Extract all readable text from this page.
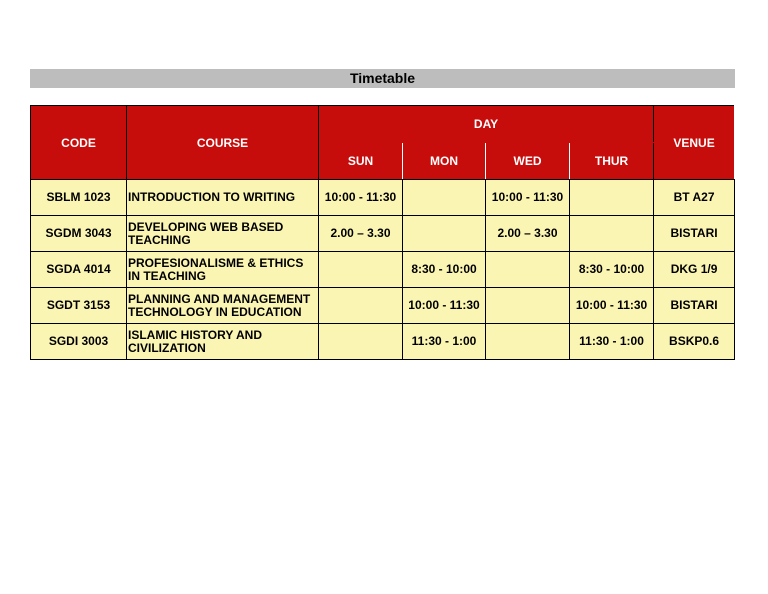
Timetable
CODE	COURSE	DAY				VENUE
		SUN	MON	WED	THUR	
SBLM 1023	INTRODUCTION TO WRITING	10:00 - 11:30		10:00 - 11:30		BT A27
SGDM 3043	DEVELOPING WEB BASED TEACHING	2.00 – 3.30		2.00 – 3.30		BISTARI
SGDA 4014	PROFESIONALISME & ETHICS IN TEACHING		8:30 - 10:00		8:30 - 10:00	DKG 1/9
SGDT 3153	PLANNING AND MANAGEMENT TECHNOLOGY IN EDUCATION		10:00 - 11:30		10:00 - 11:30	BISTARI
SGDI 3003	ISLAMIC HISTORY AND CIVILIZATION		11:30 - 1:00		11:30 - 1:00	BSKP0.6
